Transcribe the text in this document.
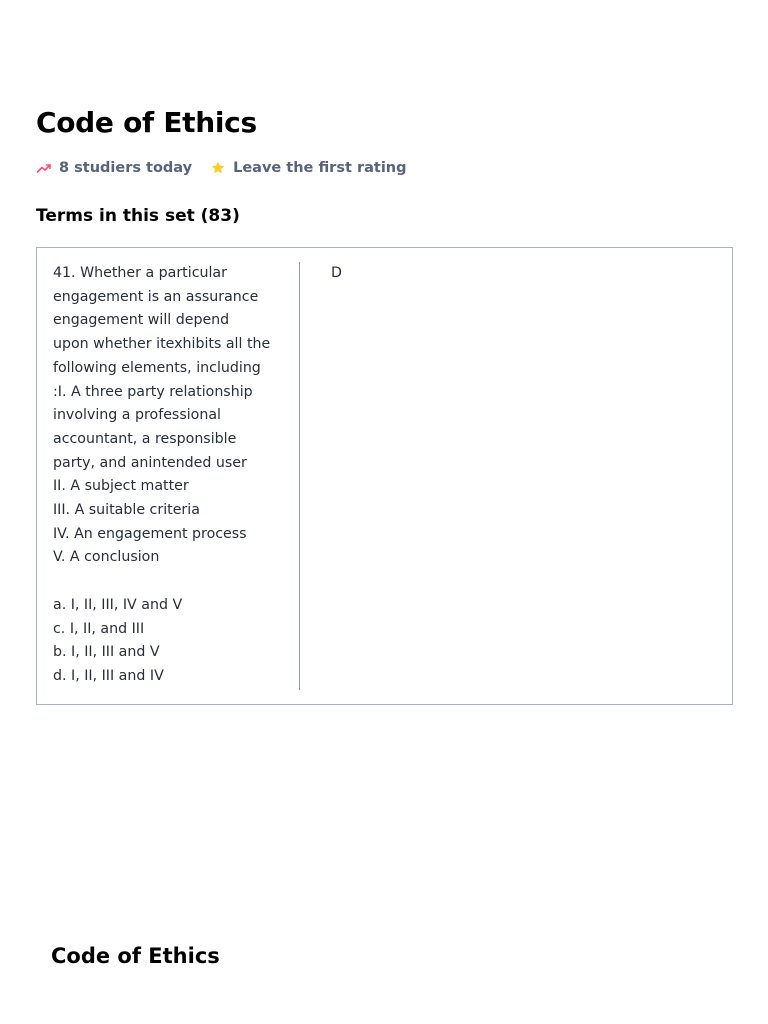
Code of Ethics
8 studiers today	Leave the first rating
Terms in this set (83)
41. Whether a particular
engagement is an assurance
engagement will depend
upon whether itexhibits all the
following elements, including
:I. A three party relationship
involving a professional
accountant, a responsible
party, and anintended user
II. A subject matter
III. A suitable criteria
IV. An engagement process
V. A conclusion

a. I, II, III, IV and V
c. I, II, and III
b. I, II, III and V
d. I, II, III and IV
D
Code of Ethics
